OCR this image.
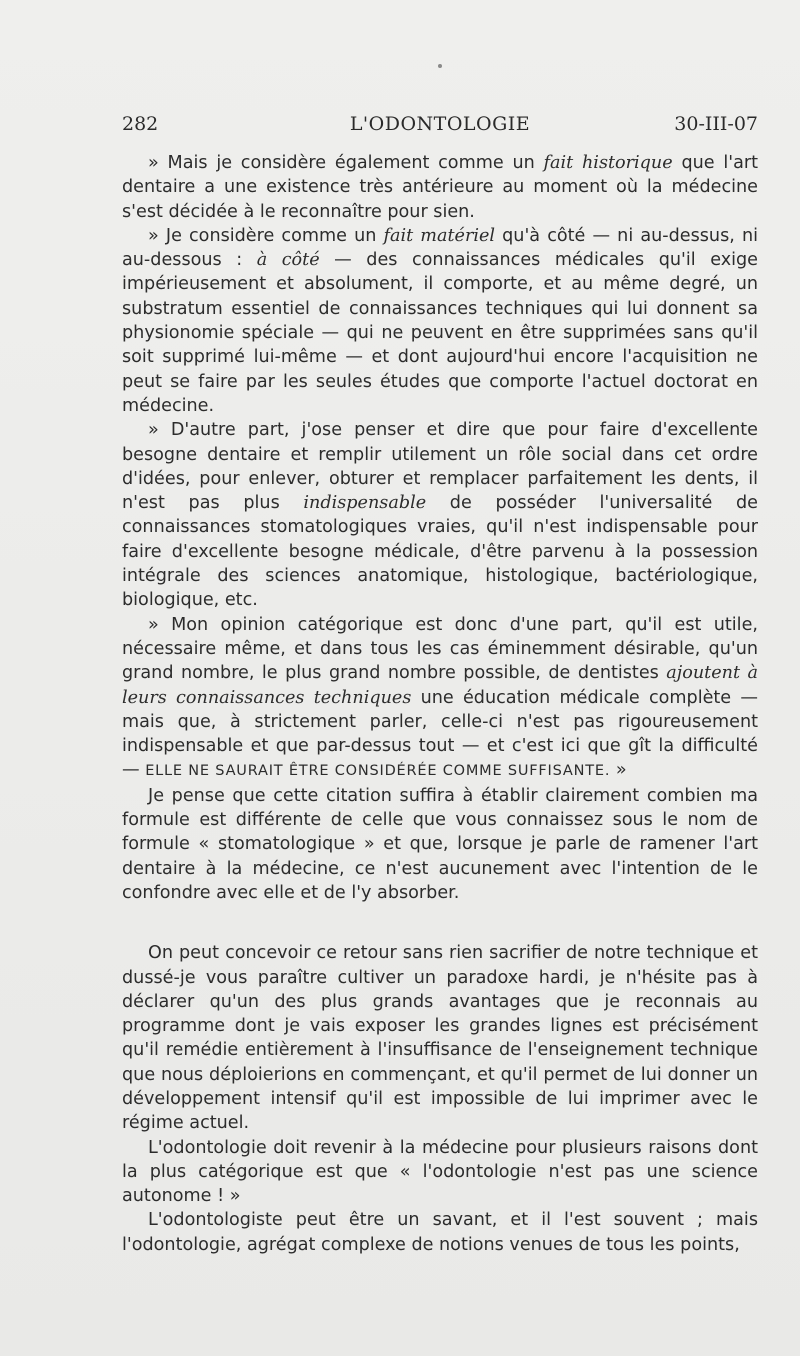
282	L'ODONTOLOGIE	30-III-07

» Mais je considère également comme un fait historique que l'art dentaire a une existence très antérieure au moment où la médecine s'est décidée à le reconnaître pour sien.

» Je considère comme un fait matériel qu'à côté — ni au-dessus, ni au-dessous : à côté — des connaissances médicales qu'il exige impérieusement et absolument, il comporte, et au même degré, un substratum essentiel de connaissances techniques qui lui donnent sa physionomie spéciale — qui ne peuvent en être supprimées sans qu'il soit supprimé lui-même — et dont aujourd'hui encore l'acquisition ne peut se faire par les seules études que comporte l'actuel doctorat en médecine.

» D'autre part, j'ose penser et dire que pour faire d'excellente besogne dentaire et remplir utilement un rôle social dans cet ordre d'idées, pour enlever, obturer et remplacer parfaitement les dents, il n'est pas plus indispensable de posséder l'universalité de connaissances stomatologiques vraies, qu'il n'est indispensable pour faire d'excellente besogne médicale, d'être parvenu à la possession intégrale des sciences anatomique, histologique, bactériologique, biologique, etc.

» Mon opinion catégorique est donc d'une part, qu'il est utile, nécessaire même, et dans tous les cas éminemment désirable, qu'un grand nombre, le plus grand nombre possible, de dentistes ajoutent à leurs connaissances techniques une éducation médicale complète — mais que, à strictement parler, celle-ci n'est pas rigoureusement indispensable et que par-dessus tout — et c'est ici que gît la difficulté — ELLE NE SAURAIT ÊTRE CONSIDÉRÉE COMME SUFFISANTE. »

Je pense que cette citation suffira à établir clairement combien ma formule est différente de celle que vous connaissez sous le nom de formule « stomatologique » et que, lorsque je parle de ramener l'art dentaire à la médecine, ce n'est aucunement avec l'intention de le confondre avec elle et de l'y absorber.

On peut concevoir ce retour sans rien sacrifier de notre technique et dussé-je vous paraître cultiver un paradoxe hardi, je n'hésite pas à déclarer qu'un des plus grands avantages que je reconnais au programme dont je vais exposer les grandes lignes est précisément qu'il remédie entièrement à l'insuffisance de l'enseignement technique que nous déploierions en commençant, et qu'il permet de lui donner un développement intensif qu'il est impossible de lui imprimer avec le régime actuel.

L'odontologie doit revenir à la médecine pour plusieurs raisons dont la plus catégorique est que « l'odontologie n'est pas une science autonome ! »

L'odontologiste peut être un savant, et il l'est souvent ; mais l'odontologie, agrégat complexe de notions venues de tous les points,
